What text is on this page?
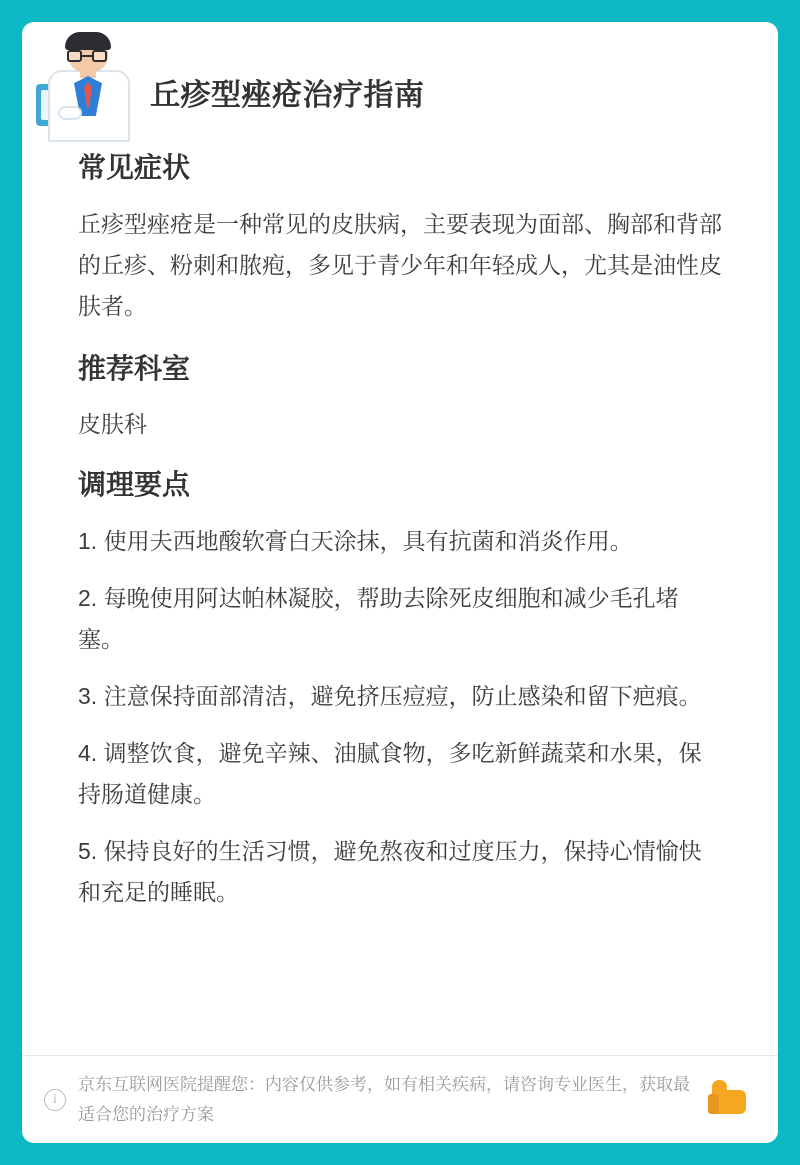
丘疹型痤疮治疗指南
常见症状

丘疹型痤疮是一种常见的皮肤病，主要表现为面部、胸部和背部的丘疹、粉刺和脓疱，多见于青少年和年轻成人，尤其是油性皮肤者。

推荐科室

皮肤科

调理要点
1. 使用夫西地酸软膏白天涂抹，具有抗菌和消炎作用。
2. 每晚使用阿达帕林凝胶，帮助去除死皮细胞和减少毛孔堵塞。
3. 注意保持面部清洁，避免挤压痘痘，防止感染和留下疤痕。
4. 调整饮食，避免辛辣、油腻食物，多吃新鲜蔬菜和水果，保持肠道健康。
5. 保持良好的生活习惯，避免熬夜和过度压力，保持心情愉快和充足的睡眠。
i
京东互联网医院提醒您：内容仅供参考，如有相关疾病，请咨询专业医生，获取最适合您的治疗方案
